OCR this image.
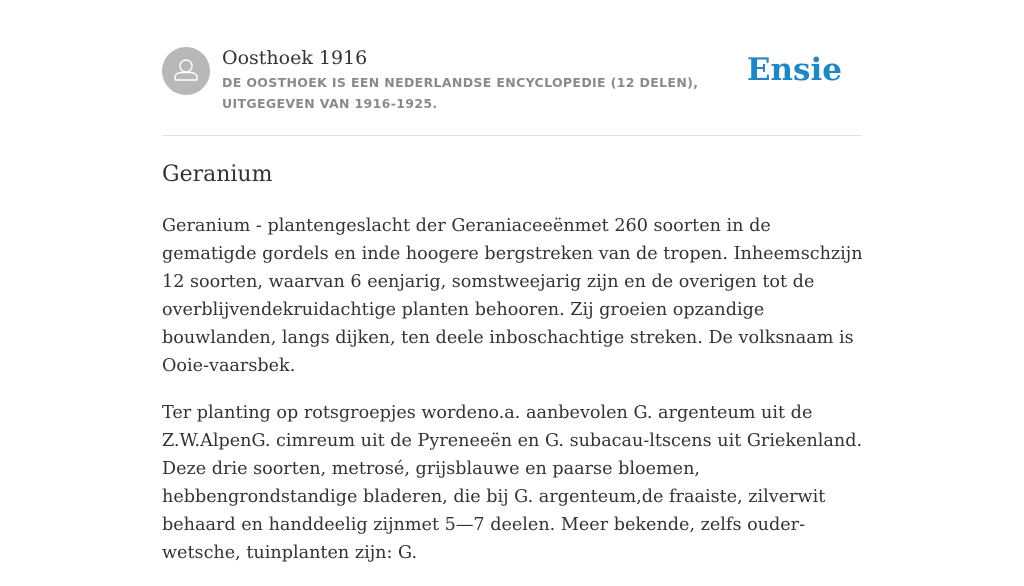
Oosthoek 1916
DE OOSTHOEK IS EEN NEDERLANDSE ENCYCLOPEDIE (12 DELEN), UITGEGEVEN VAN 1916-1925.
Ensie
Geranium

Geranium - plantengeslacht der Geraniaceeënmet 260 soorten in de gematigde gordels en inde hoogere bergstreken van de tropen. Inheemschzijn 12 soorten, waarvan 6 eenjarig, somstweejarig zijn en de overigen tot de overblijvendekruidachtige planten behooren. Zij groeien opzandige bouwlanden, langs dijken, ten deele inboschachtige streken. De volksnaam is Ooie-vaarsbek.

Ter planting op rotsgroepjes wordeno.a. aanbevolen G. argenteum uit de Z.W.AlpenG. cimreum uit de Pyreneeën en G. subacau-ltscens uit Griekenland. Deze drie soorten, metrosé, grijsblauwe en paarse bloemen, hebbengrondstandige bladeren, die bij G. argenteum,de fraaiste, zilverwit behaard en handdeelig zijnmet 5—7 deelen. Meer bekende, zelfs ouder-wetsche, tuinplanten zijn: G.
